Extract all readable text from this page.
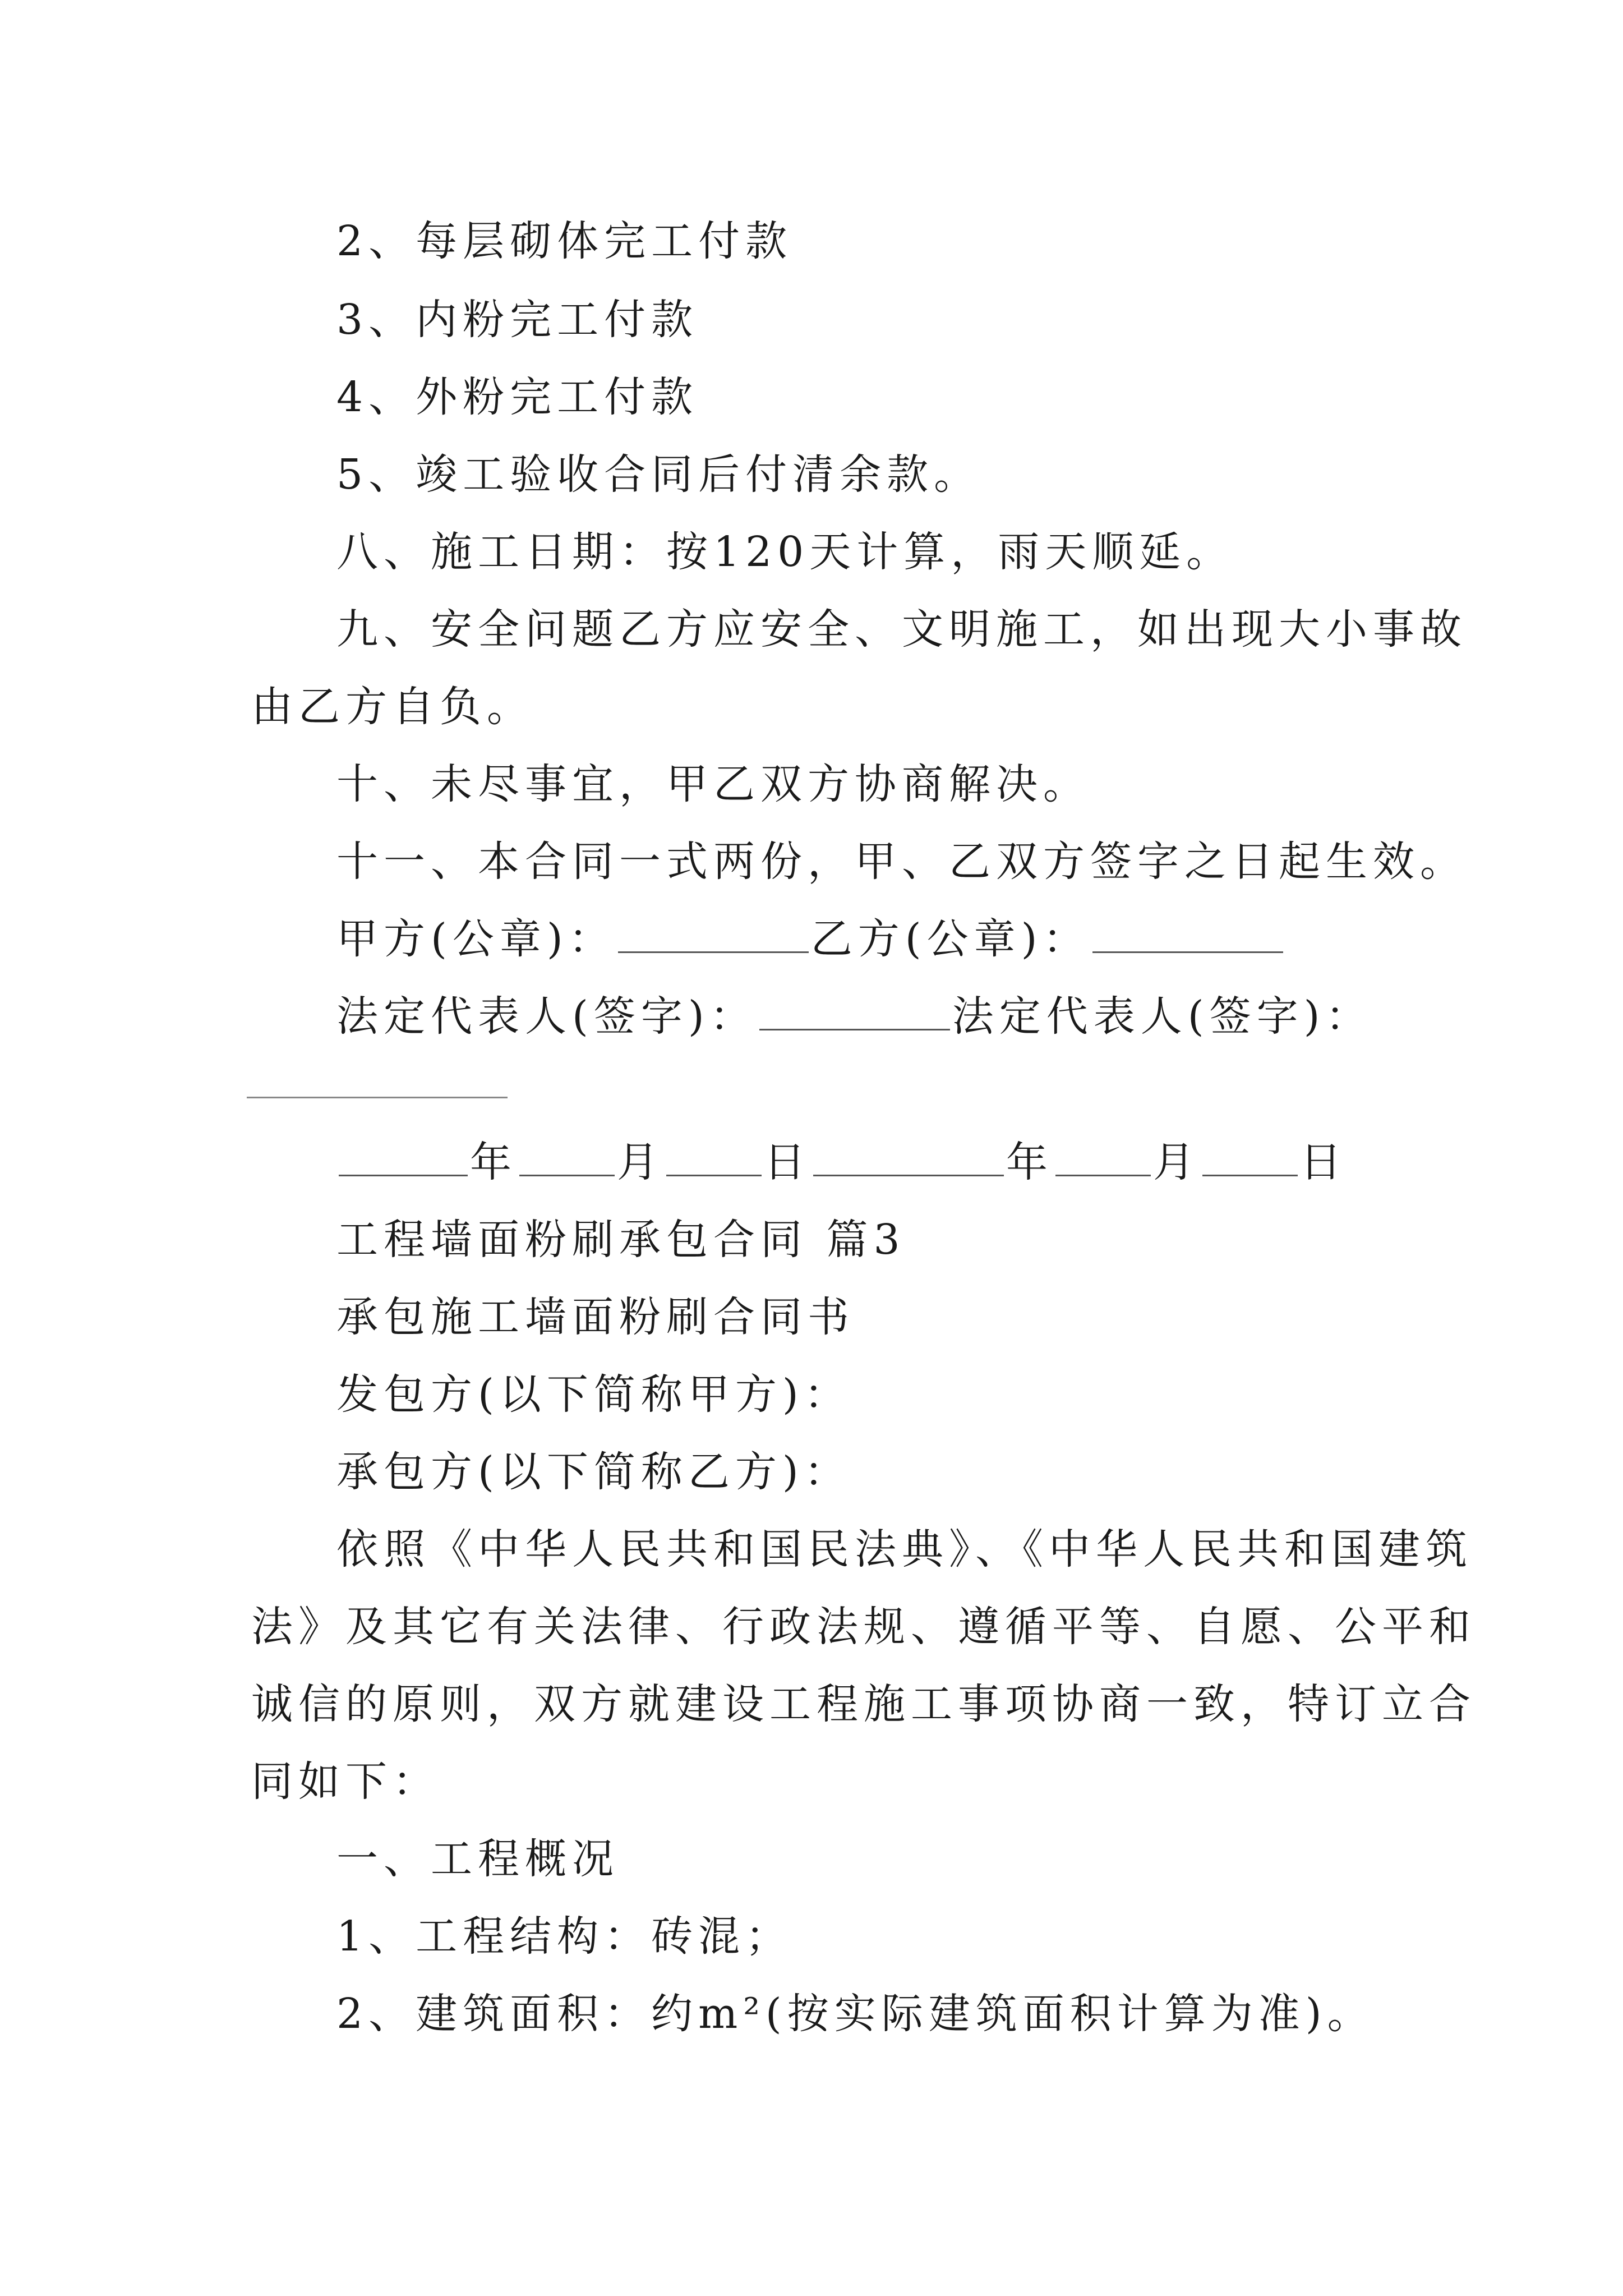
2、每层砌体完工付款
3、内粉完工付款
4、外粉完工付款
5、竣工验收合同后付清余款。
八、施工日期：按120天计算，雨天顺延。
九、安全问题乙方应安全、文明施工，如出现大小事故
由乙方自负。
十、未尽事宜，甲乙双方协商解决。
十一、本合同一式两份，甲、乙双方签字之日起生效。
甲方(公章)：	乙方(公章)：
法定代表人(签字)：	法定代表人(签字)：
年 月 日	年 月 日
工程墙面粉刷承包合同 篇3
承包施工墙面粉刷合同书
发包方(以下简称甲方)：
承包方(以下简称乙方)：
依照《中华人民共和国民法典》、《中华人民共和国建筑
法》及其它有关法律、行政法规、遵循平等、自愿、公平和
诚信的原则，双方就建设工程施工事项协商一致，特订立合
同如下：
一、工程概况
1、工程结构：砖混；
2、建筑面积：约m²(按实际建筑面积计算为准)。
